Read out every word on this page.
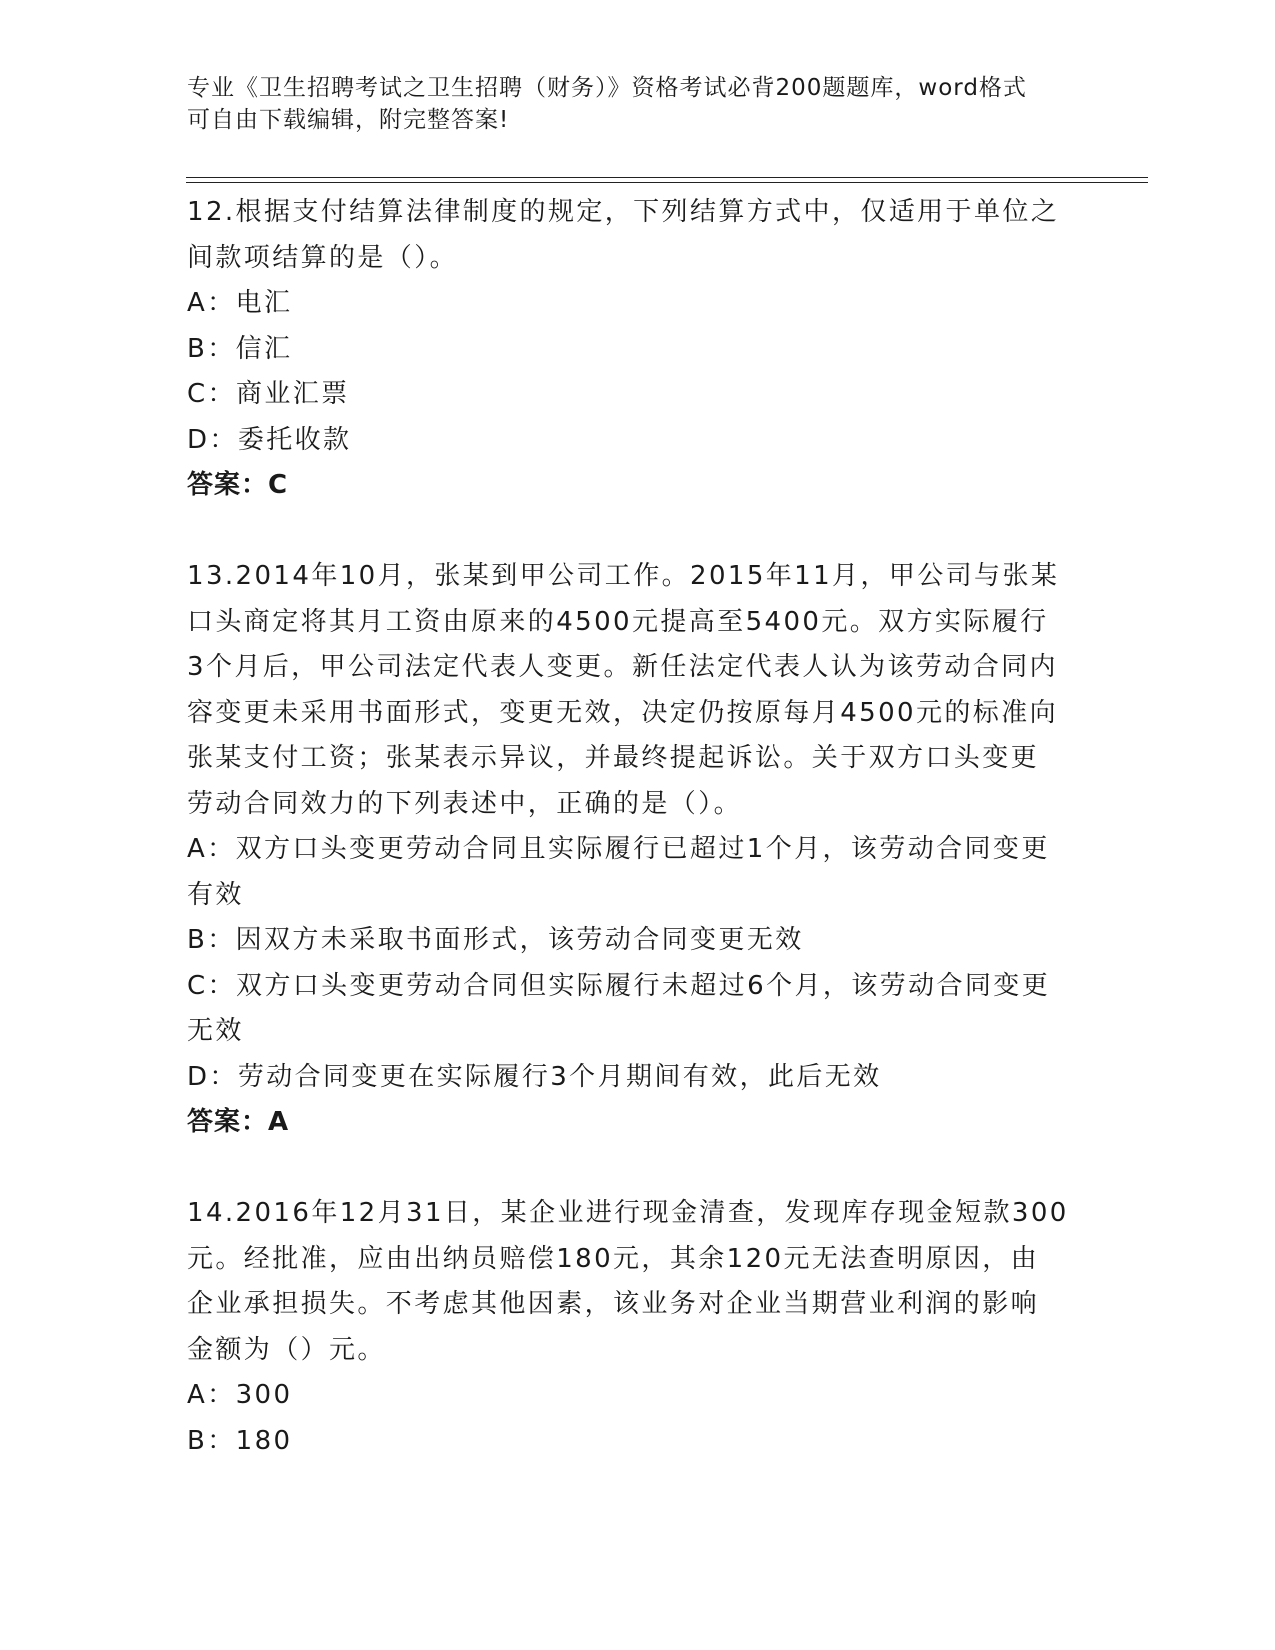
专业《卫生招聘考试之卫生招聘（财务）》资格考试必背200题题库，word格式
可自由下载编辑，附完整答案!
12.根据支付结算法律制度的规定，下列结算方式中，仅适用于单位之
间款项结算的是（）。
A：电汇
B：信汇
C：商业汇票
D：委托收款
答案：C
13.2014年10月，张某到甲公司工作。2015年11月，甲公司与张某
口头商定将其月工资由原来的4500元提高至5400元。双方实际履行
3个月后，甲公司法定代表人变更。新任法定代表人认为该劳动合同内
容变更未采用书面形式，变更无效，决定仍按原每月4500元的标准向
张某支付工资；张某表示异议，并最终提起诉讼。关于双方口头变更
劳动合同效力的下列表述中，正确的是（）。
A：双方口头变更劳动合同且实际履行已超过1个月，该劳动合同变更
有效
B：因双方未采取书面形式，该劳动合同变更无效
C：双方口头变更劳动合同但实际履行未超过6个月，该劳动合同变更
无效
D：劳动合同变更在实际履行3个月期间有效，此后无效
答案：A
14.2016年12月31日，某企业进行现金清查，发现库存现金短款300
元。经批准，应由出纳员赔偿180元，其余120元无法查明原因，由
企业承担损失。不考虑其他因素，该业务对企业当期营业利润的影响
金额为（）元。
A：300
B：180
